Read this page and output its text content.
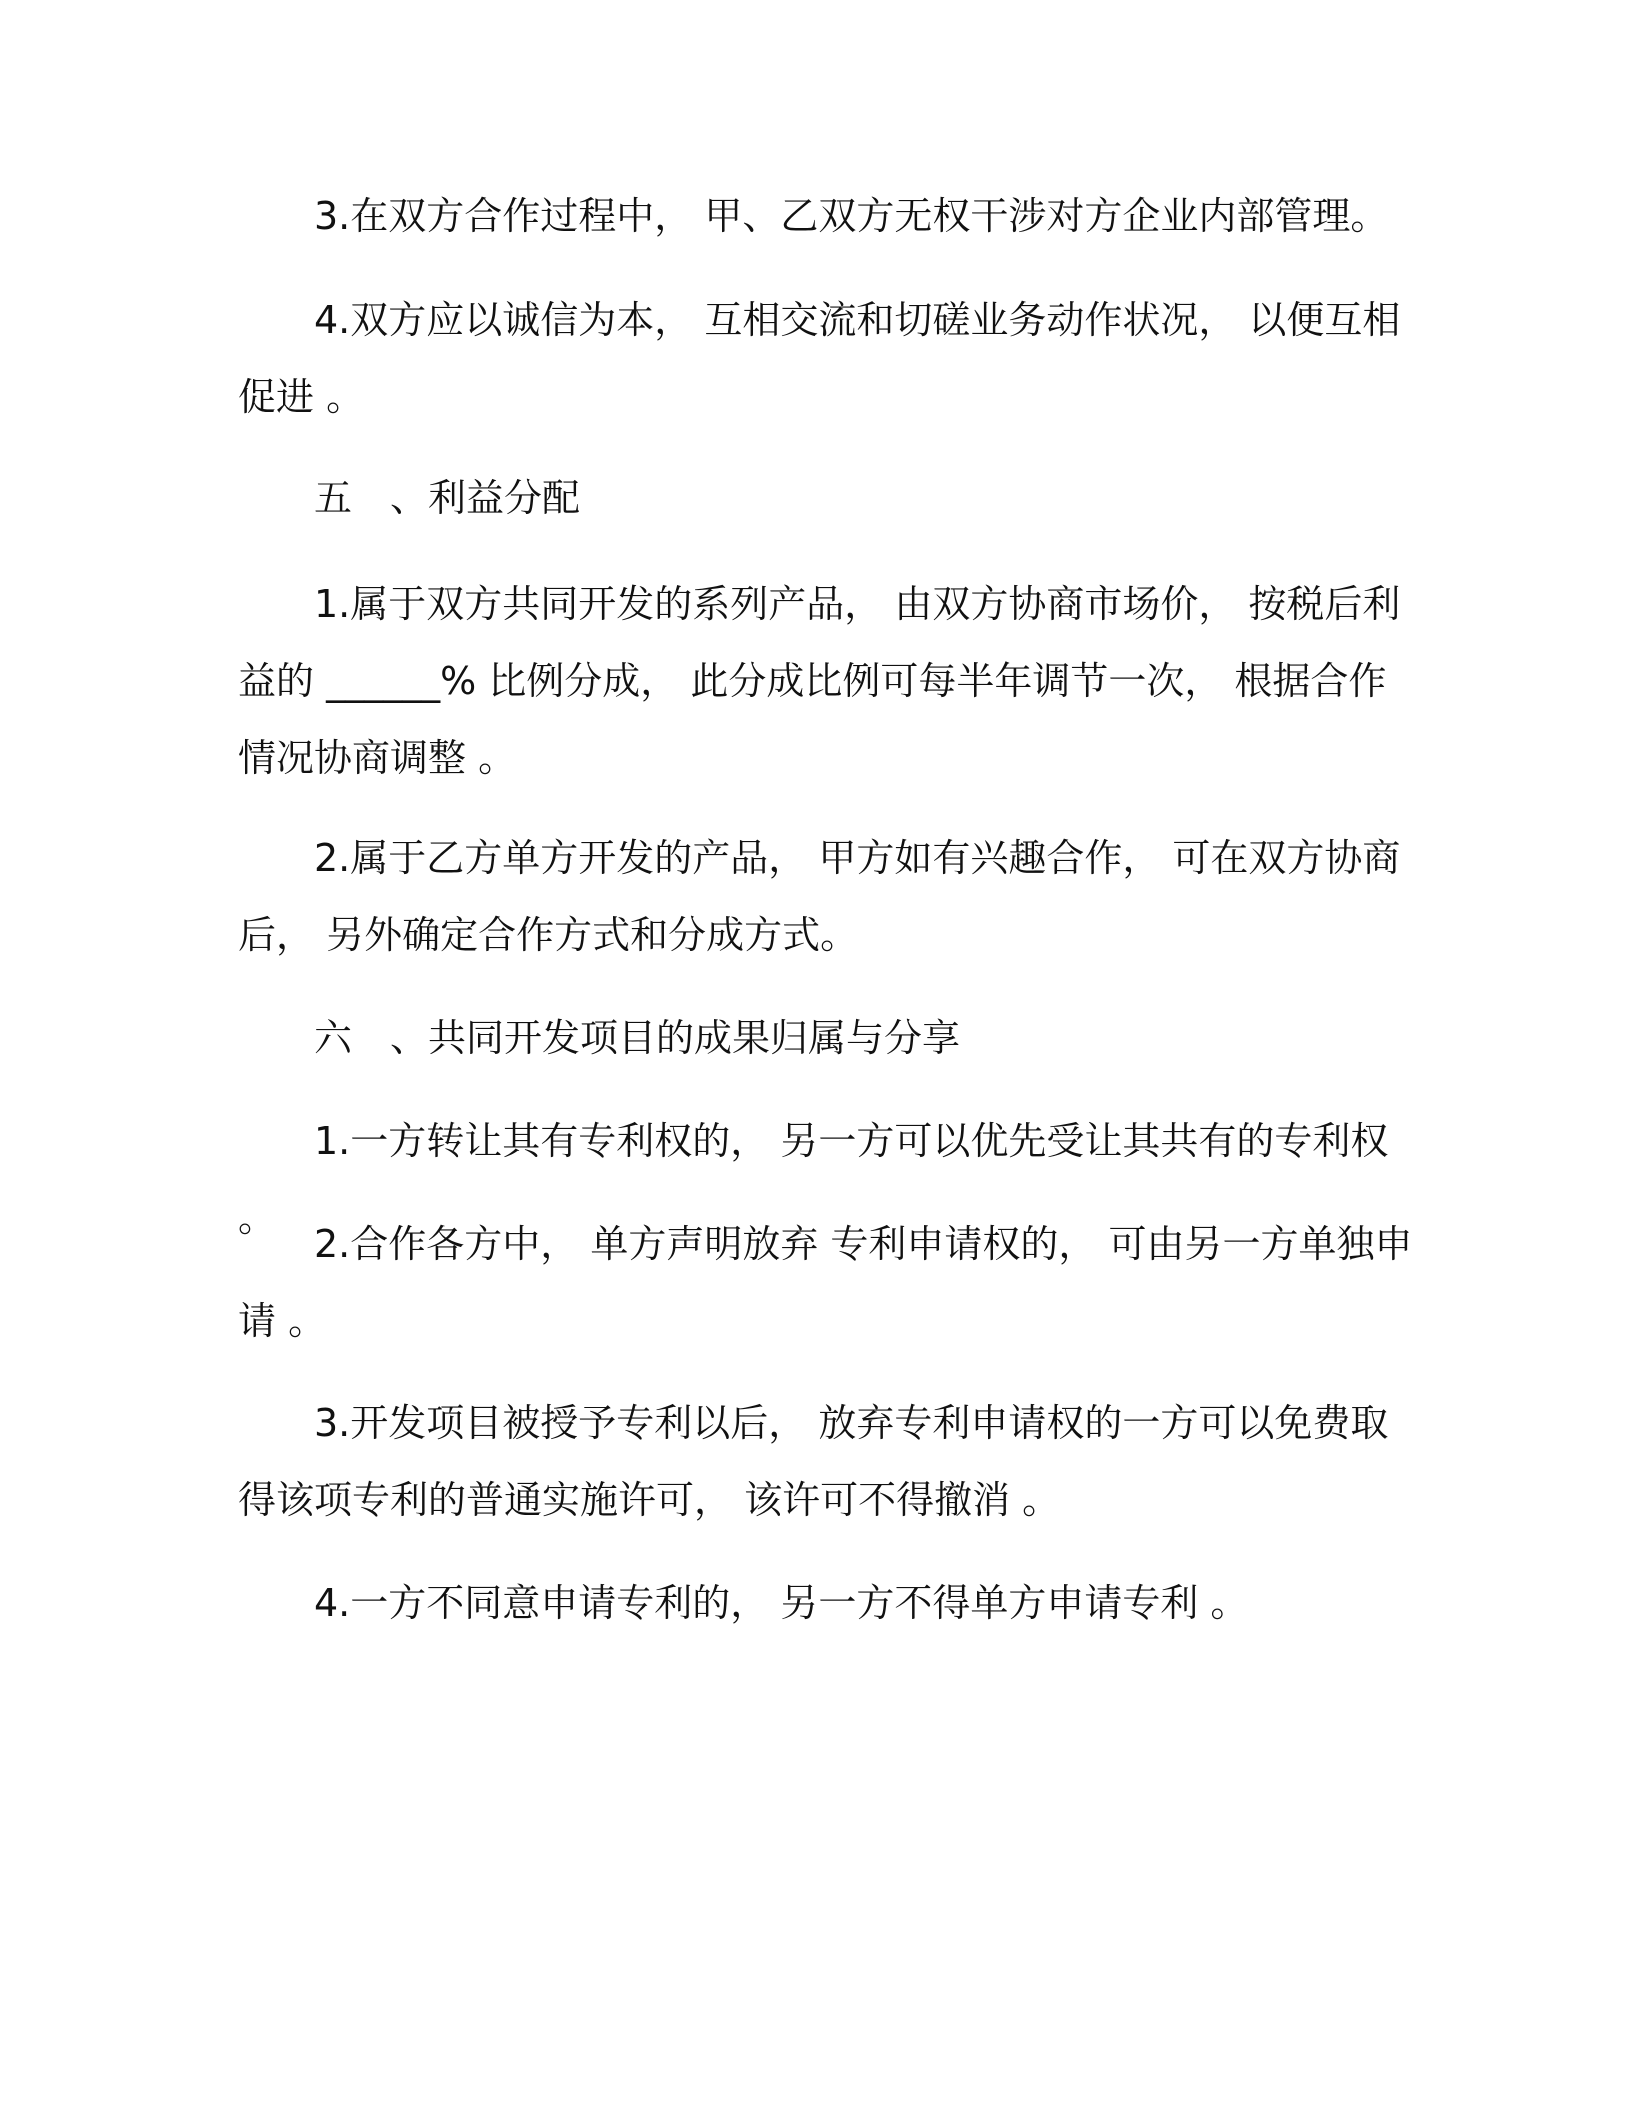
3.在双方合作过程中， 甲、乙双方无权干涉对方企业内部管理。

4.双方应以诚信为本， 互相交流和切磋业务动作状况， 以便互相促进 。

五　、利益分配

1.属于双方共同开发的系列产品， 由双方协商市场价， 按税后利益的 ______% 比例分成， 此分成比例可每半年调节一次， 根据合作情况协商调整 。

2.属于乙方单方开发的产品， 甲方如有兴趣合作， 可在双方协商后， 另外确定合作方式和分成方式。

六　、共同开发项目的成果归属与分享

1.一方转让其有专利权的， 另一方可以优先受让其共有的专利权 。

2.合作各方中， 单方声明放弃 专利申请权的， 可由另一方单独申请 。

3.开发项目被授予专利以后， 放弃专利申请权的一方可以免费取得该项专利的普通实施许可， 该许可不得撤消 。

4.一方不同意申请专利的， 另一方不得单方申请专利 。
